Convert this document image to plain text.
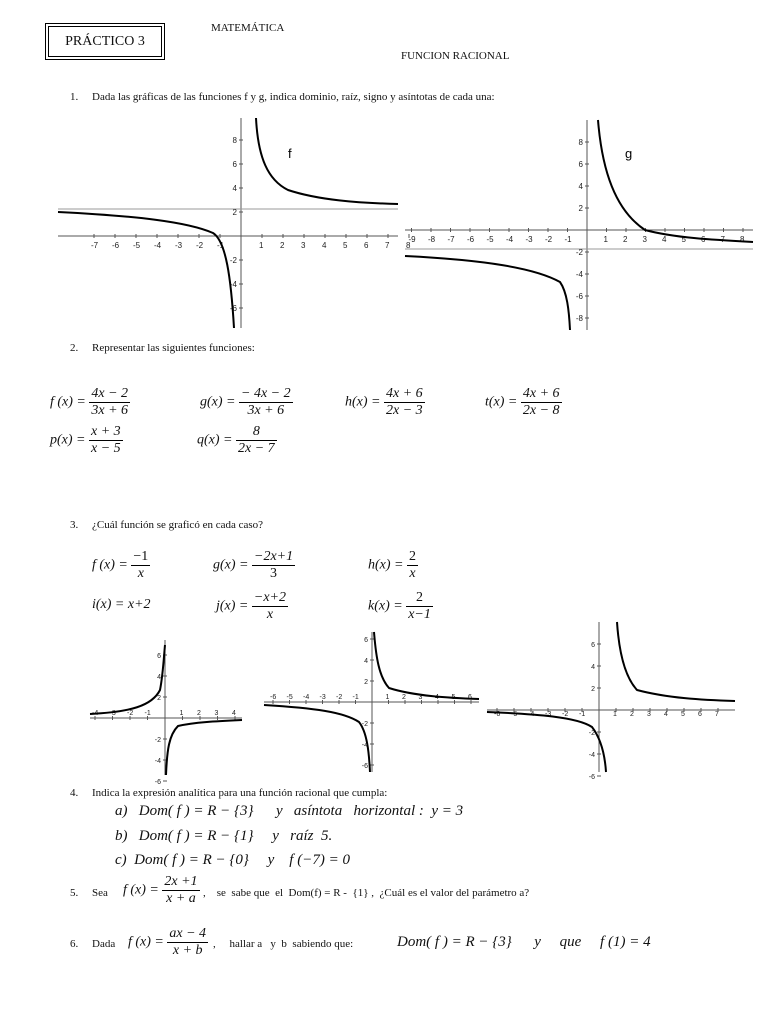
PRÁCTICO 3
MATEMÁTICA
FUNCION RACIONAL
1. Dada las gráficas de las funciones f y g, indica dominio, raíz, signo y asíntotas de cada una:
-7 -6 -5 -4 -3 -2 -1	1 2 3 4 5 6 7 8
8
6
4
2
-2
-4
-6
f
-9 -8 -7 -6 -5 -4 -3 -2 -1	1 2 3 4 5 6 7 8
8
6
4
2
-2
-4
-6
-8
g
2. Representar las siguientes funciones:
f $(x) = \frac{4x - 2}{3x + 6}$	$g(x) = \frac{- 4x - 2}{3x + 6}$	$h(x) = \frac{4x + 6}{2x - 3}$	$t(x) = \frac{4x + 6}{2x - 8}$
$p(x) = \frac{x + 3}{x - 5}$	$q(x) = \frac{8}{2x - 7}$
3. ¿Cuál función se graficó en cada caso?
f $(x) = \frac{-1}{x}$	$g(x) = \frac{-2x+1}{3}$	$h(x) = \frac{2}{x}$
i(x) = x+2	$j(x) = \frac{-x+2}{x}$	$k(x) = \frac{2}{x-1}$
-4 -3 -2 -1	1 2 3 4
6
4
2
-2
-4
-6
-6 -5 -4 -3 -2 -1	1 2 3 4 5 6
6
4
2
-2
-4
-6
-6 -5 -4 -3 -2 -1	1 2 3 4 5 6 7
6
4
2
-2
-4
-6
4. Indica la expresión analítica para una función racional que cumpla:
a)   Dom( f ) = R − {3}      y   asíntota   horizontal :  y = 3
b)   Dom( f ) = R − {1}     y   raíz  5.
c)  Dom( f ) = R − {0}     y    f (−7) = 0
5. Sea f $(x) = \frac{2x +1}{x + a}$ ,    se  sabe que  el  Dom(f) = R -  {1} ,  ¿Cuál es el valor del parámetro a?
6. Dada f $(x) = \frac{ax - 4}{x + b}$ ,     hallar a   y  b  sabiendo que:	Dom( f ) = R − {3}      y     que     f (1) = 4
